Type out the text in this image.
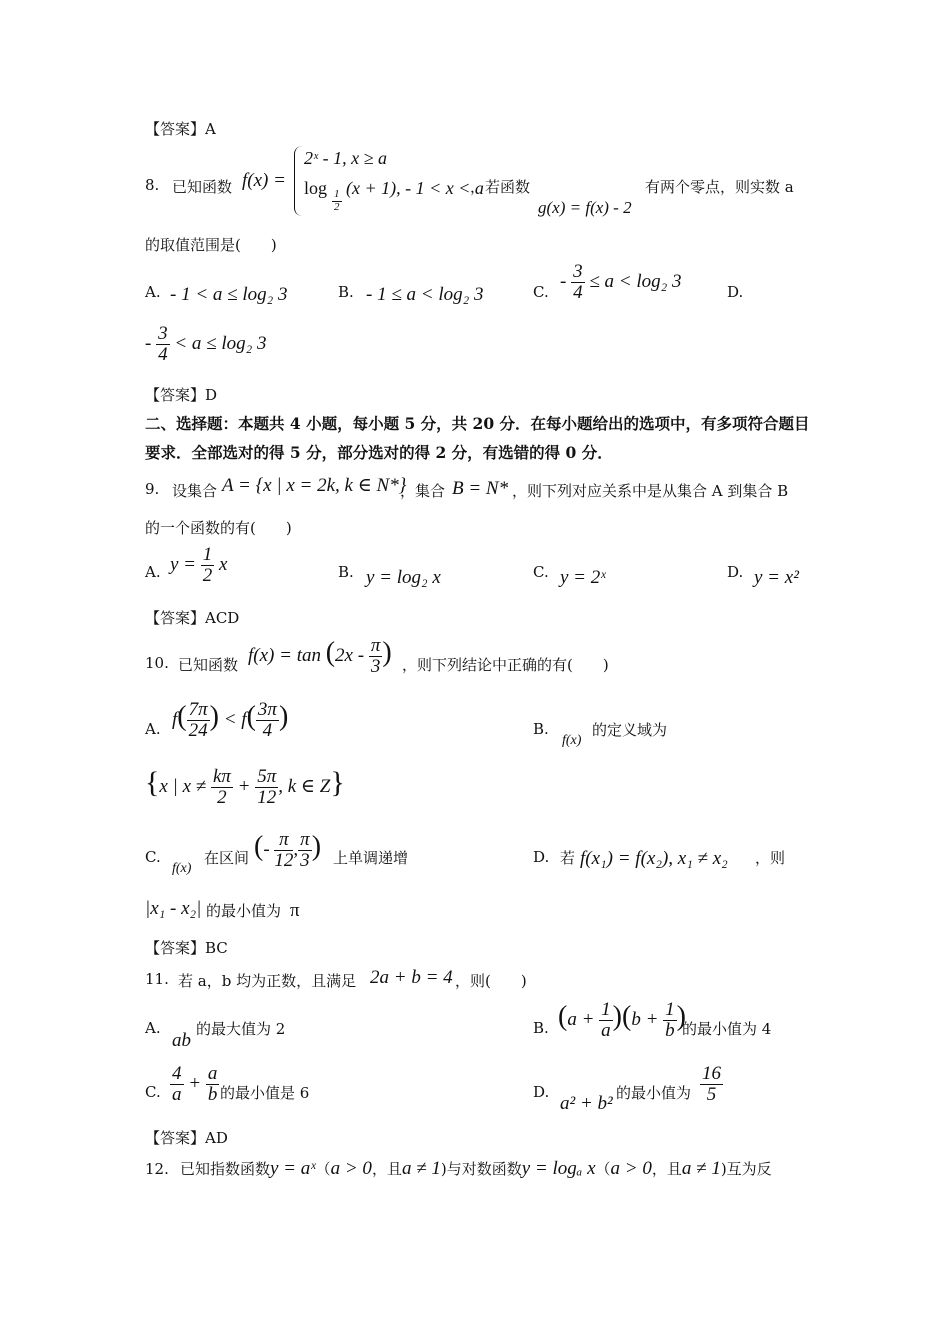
【答案】A
8. 已知函数 f(x) =
2ˣ - 1, x ≥ a
log
$\frac{1}{2}$
(x + 1), - 1 < x < a
，若函数
g(x) = f(x) - 2
有两个零点，则实数 a
的取值范围是(　　)
A. - 1 < a ≤ log₂ 3	B. - 1 ≤ a < log₂ 3	C.
- $\frac{3}{4} \le a < \log_2$ 3
D.
- $\frac{3}{4} < a \le \log_2$ 3
【答案】D
二、选择题：本题共 4 小题，每小题 5 分，共 20 分．在每小题给出的选项中，有多项符合题目
要求．全部选对的得 5 分，部分选对的得 2 分，有选错的得 0 分．
9. 设集合 A = {x | x = 2k, k ∈ N*}
，集合 B = N* ，则下列对应关系中是从集合 A 到集合 B
的一个函数的有(　　)
A. $y = \frac{1}{2}$ x	B. y = log₂ x	C. y = 2ˣ	D. y = x²
【答案】ACD
10. 已知函数 $f(x) = \tan (2x - \frac{\pi}{3}$ ) ，则下列结论中正确的有(　　)
A. $f( \frac{7\pi}{24}$ ) < $f( \frac{3\pi}{4}$ )	B.
f(x)
的定义域为
{x | $x \ne \frac{k\pi}{2} + \frac{5\pi}{12}$ , k ∈ Z}
C.
f(x)
在区间 (- $\frac{\pi}{12}$ , $\frac{\pi}{3}$ ) 上单调递增	D. 若 f(x₁) = f(x₂), x₁ ≠ x₂ ，则
|x₁ - x₂| 的最小值为 π
【答案】BC
11. 若 a，b 均为正数，且满足 2a + b = 4 ，则(　　)
A.
ab
的最大值为 2	B. $(a + \frac{1}{a} )(b + \frac{1}{b}$ )
的最小值为 4
C. $\frac{4}{a} + \frac{a}{b}$ 的最小值是 6	D.
a² + b² 的最小值为 $\frac{16}{5}$
【答案】AD
12. 已知指数函数y = aˣ（a > 0，且a ≠ 1)与对数函数y = logₐ x（a > 0，且a ≠ 1)互为反
